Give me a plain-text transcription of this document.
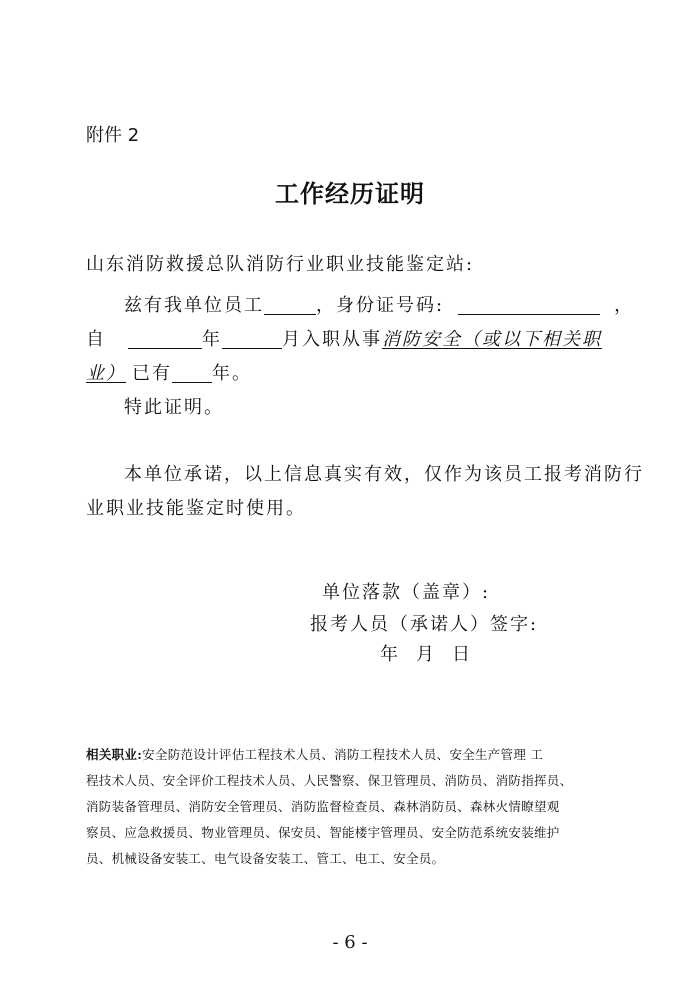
附件 2
工作经历证明
山东消防救援总队消防行业职业技能鉴定站:
兹有我单位员工	，身份证号码:	，
自	年	月入职从事消防安全（或以下相关职
业） 已有 年。
特此证明。
本单位承诺，以上信息真实有效，仅作为该员工报考消防行
业职业技能鉴定时使用。
单位落款（盖章）:
报考人员（承诺人）签字:
年 月 日
相关职业:安全防范设计评估工程技术人员、消防工程技术人员、安全生产管理 工
程技术人员、安全评价工程技术人员、人民警察、保卫管理员、消防员、消防指挥员、
消防装备管理员、消防安全管理员、消防监督检查员、森林消防员、森林火情瞭望观
察员、应急救援员、物业管理员、保安员、智能楼宇管理员、安全防范系统安装维护
员、机械设备安装工、电气设备安装工、管工、电工、安全员。
- 6 -
